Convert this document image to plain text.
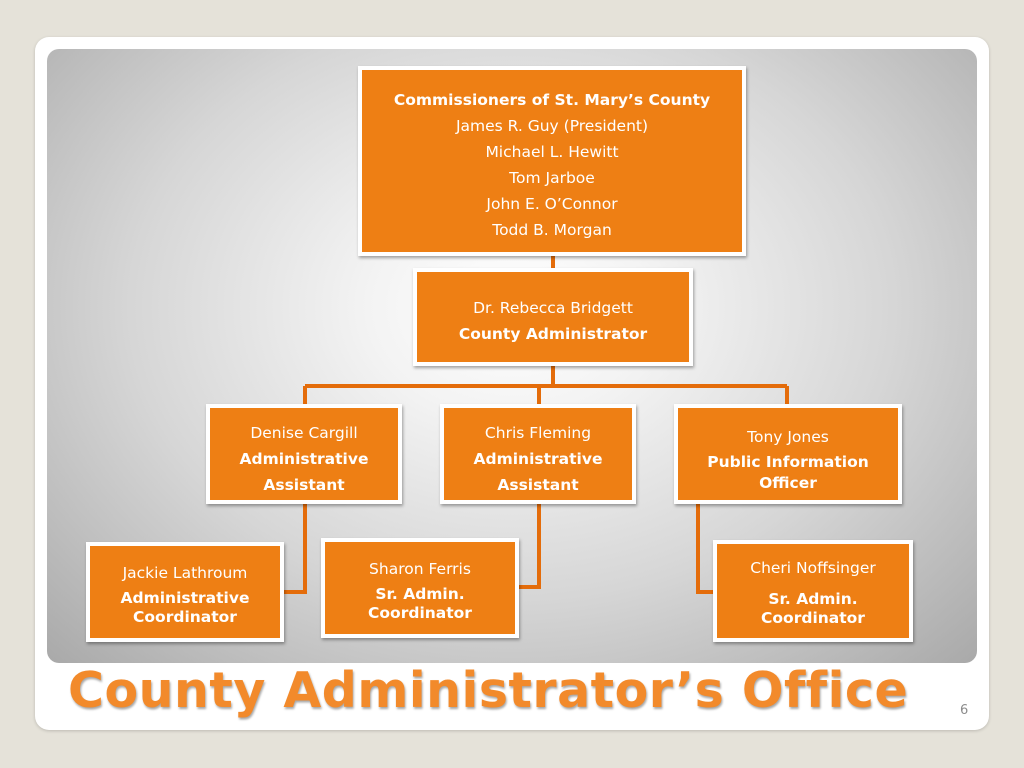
Commissioners of St. Mary’s County
James R. Guy (President)
Michael L. Hewitt
Tom Jarboe
John E. O’Connor
Todd B. Morgan
Dr. Rebecca Bridgett
County Administrator
Denise Cargill
Administrative
Assistant
Chris Fleming
Administrative
Assistant
Tony Jones
Public Information
Officer
Jackie Lathroum
Administrative
Coordinator
Sharon Ferris
Sr. Admin.
Coordinator
Cheri Noffsinger
Sr. Admin.
Coordinator
County Administrator’s Office	6
